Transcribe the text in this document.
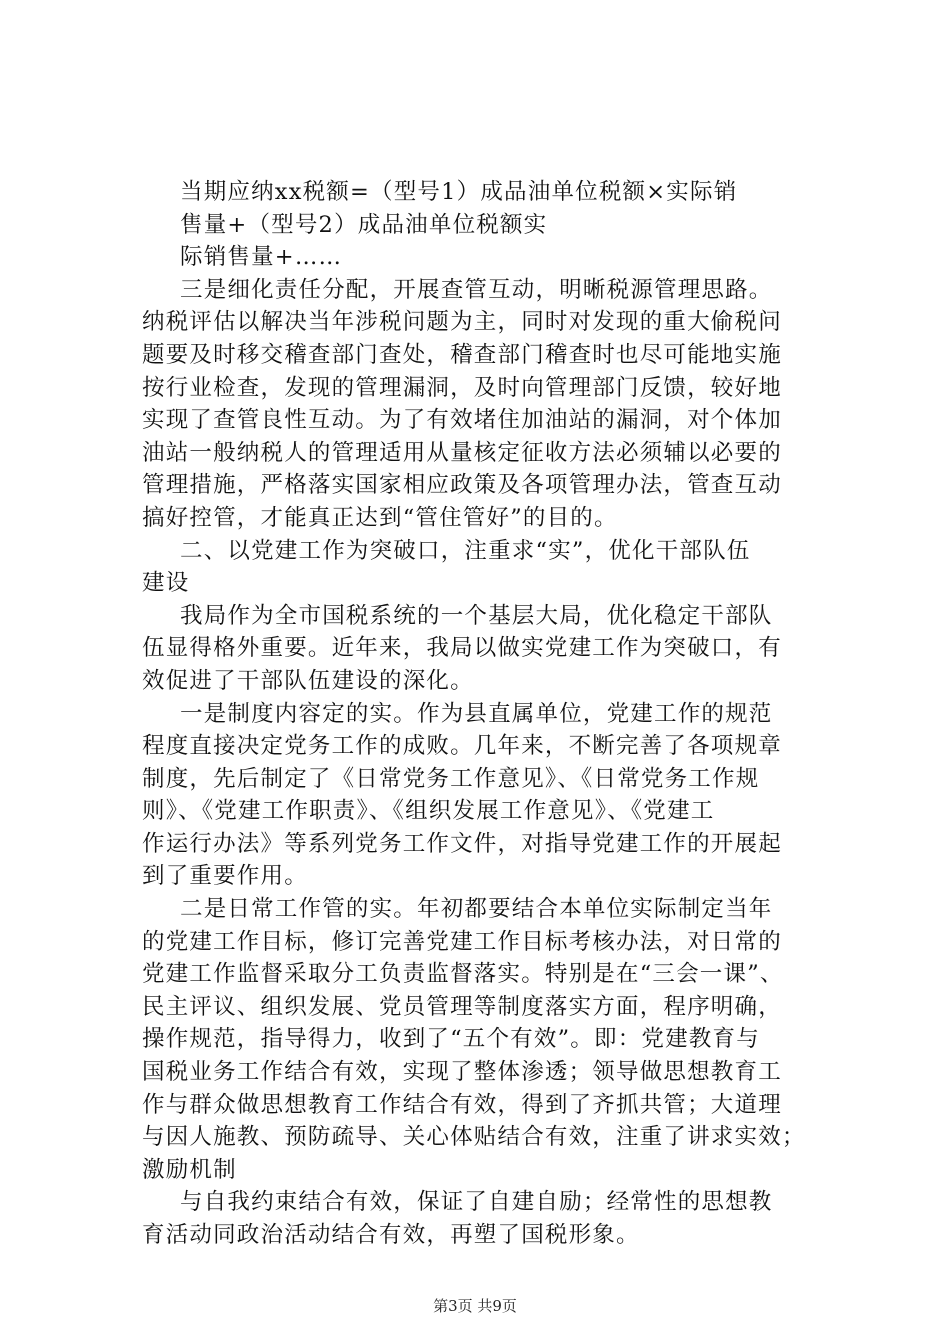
当期应纳xx税额=（型号1）成品油单位税额×实际销
售量+（型号2）成品油单位税额实
际销售量+……
三是细化责任分配，开展查管互动，明晰税源管理思路。
纳税评估以解决当年涉税问题为主，同时对发现的重大偷税问
题要及时移交稽查部门查处，稽查部门稽查时也尽可能地实施
按行业检查，发现的管理漏洞，及时向管理部门反馈，较好地
实现了查管良性互动。为了有效堵住加油站的漏洞，对个体加
油站一般纳税人的管理适用从量核定征收方法必须辅以必要的
管理措施，严格落实国家相应政策及各项管理办法，管查互动
搞好控管，才能真正达到“管住管好”的目的。
二、以党建工作为突破口，注重求“实”，优化干部队伍
建设
我局作为全市国税系统的一个基层大局，优化稳定干部队
伍显得格外重要。近年来，我局以做实党建工作为突破口，有
效促进了干部队伍建设的深化。
一是制度内容定的实。作为县直属单位，党建工作的规范
程度直接决定党务工作的成败。几年来，不断完善了各项规章
制度，先后制定了《日常党务工作意见》、《日常党务工作规
则》、《党建工作职责》、《组织发展工作意见》、《党建工
作运行办法》等系列党务工作文件，对指导党建工作的开展起
到了重要作用。
二是日常工作管的实。年初都要结合本单位实际制定当年
的党建工作目标，修订完善党建工作目标考核办法，对日常的
党建工作监督采取分工负责监督落实。特别是在“三会一课”、
民主评议、组织发展、党员管理等制度落实方面，程序明确，
操作规范，指导得力，收到了“五个有效”。即：党建教育与
国税业务工作结合有效，实现了整体渗透；领导做思想教育工
作与群众做思想教育工作结合有效，得到了齐抓共管；大道理
与因人施教、预防疏导、关心体贴结合有效，注重了讲求实效；
激励机制
与自我约束结合有效，保证了自建自励；经常性的思想教
育活动同政治活动结合有效，再塑了国税形象。
第3页 共9页
